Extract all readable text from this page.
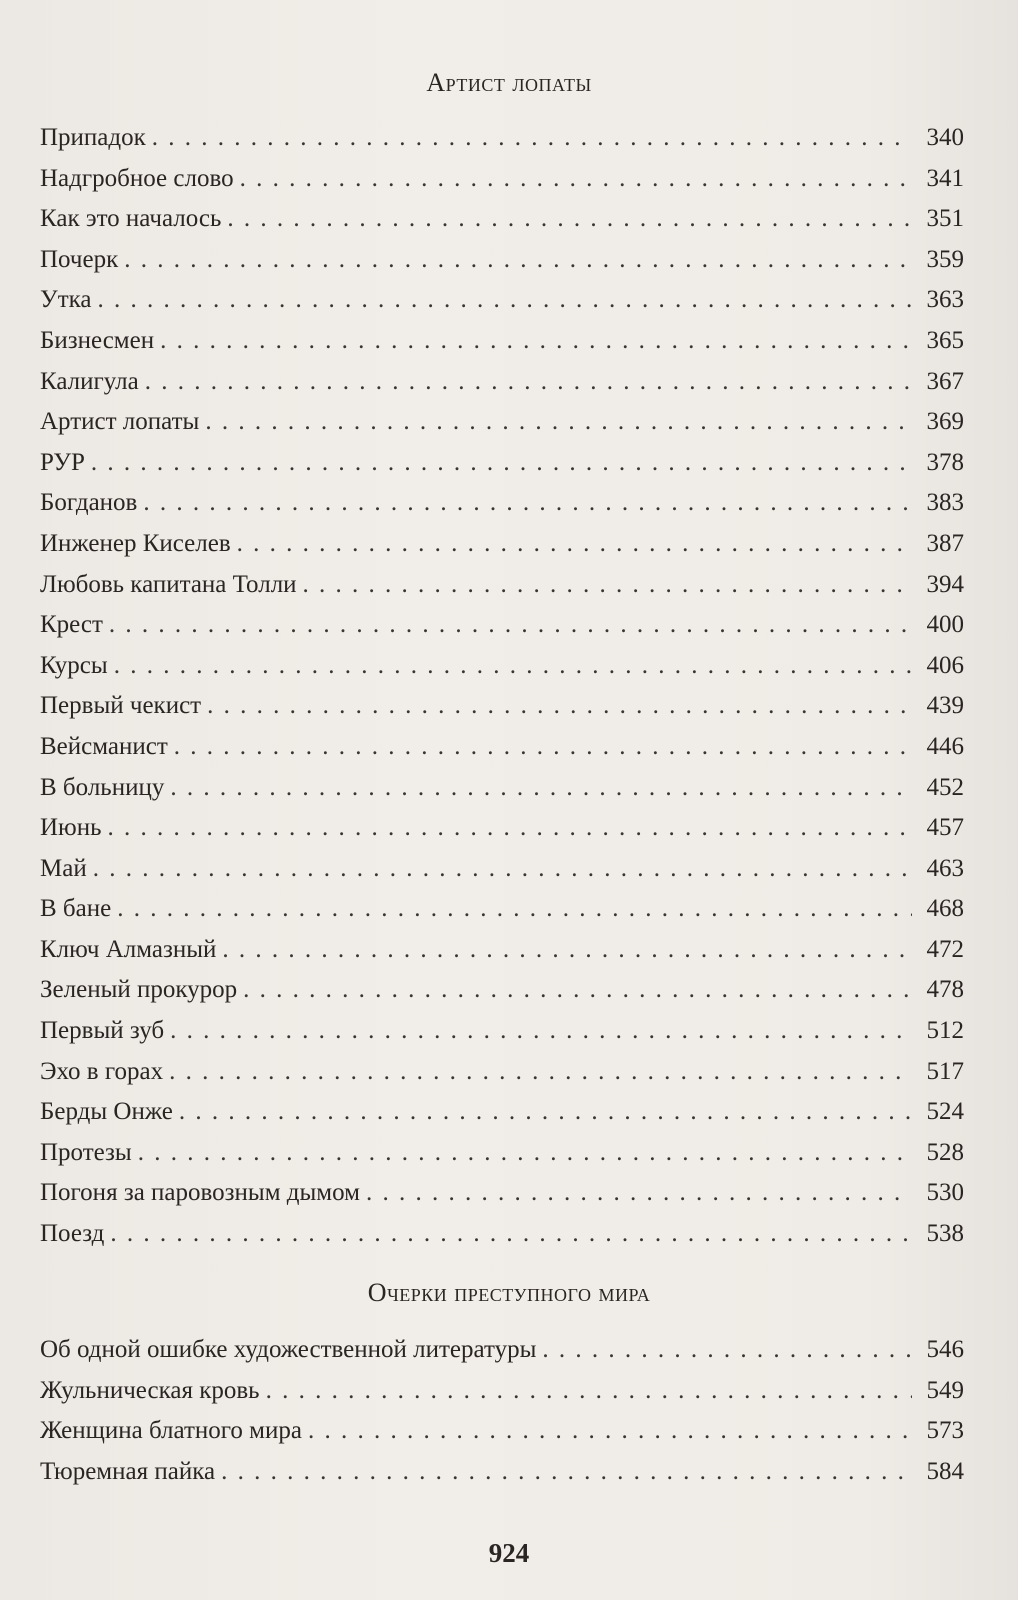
Артист лопаты
Припадок . . .	340
Надгробное слово . . .	341
Как это началось . . .	351
Почерк . . .	359
Утка . . .	363
Бизнесмен . . .	365
Калигула . . .	367
Артист лопаты . . .	369
РУР . . .	378
Богданов . . .	383
Инженер Киселев . . .	387
Любовь капитана Толли . . .	394
Крест . . .	400
Курсы . . .	406
Первый чекист . . .	439
Вейсманист . . .	446
В больницу . . .	452
Июнь . . .	457
Май . . .	463
В бане . . .	468
Ключ Алмазный . . .	472
Зеленый прокурор . . .	478
Первый зуб . . .	512
Эхо в горах . . .	517
Берды Онже . . .	524
Протезы . . .	528
Погоня за паровозным дымом . . .	530
Поезд . . .	538
Очерки преступного мира
Об одной ошибке художественной литературы . . .	546
Жульническая кровь . . .	549
Женщина блатного мира . . .	573
Тюремная пайка . . .	584
924
